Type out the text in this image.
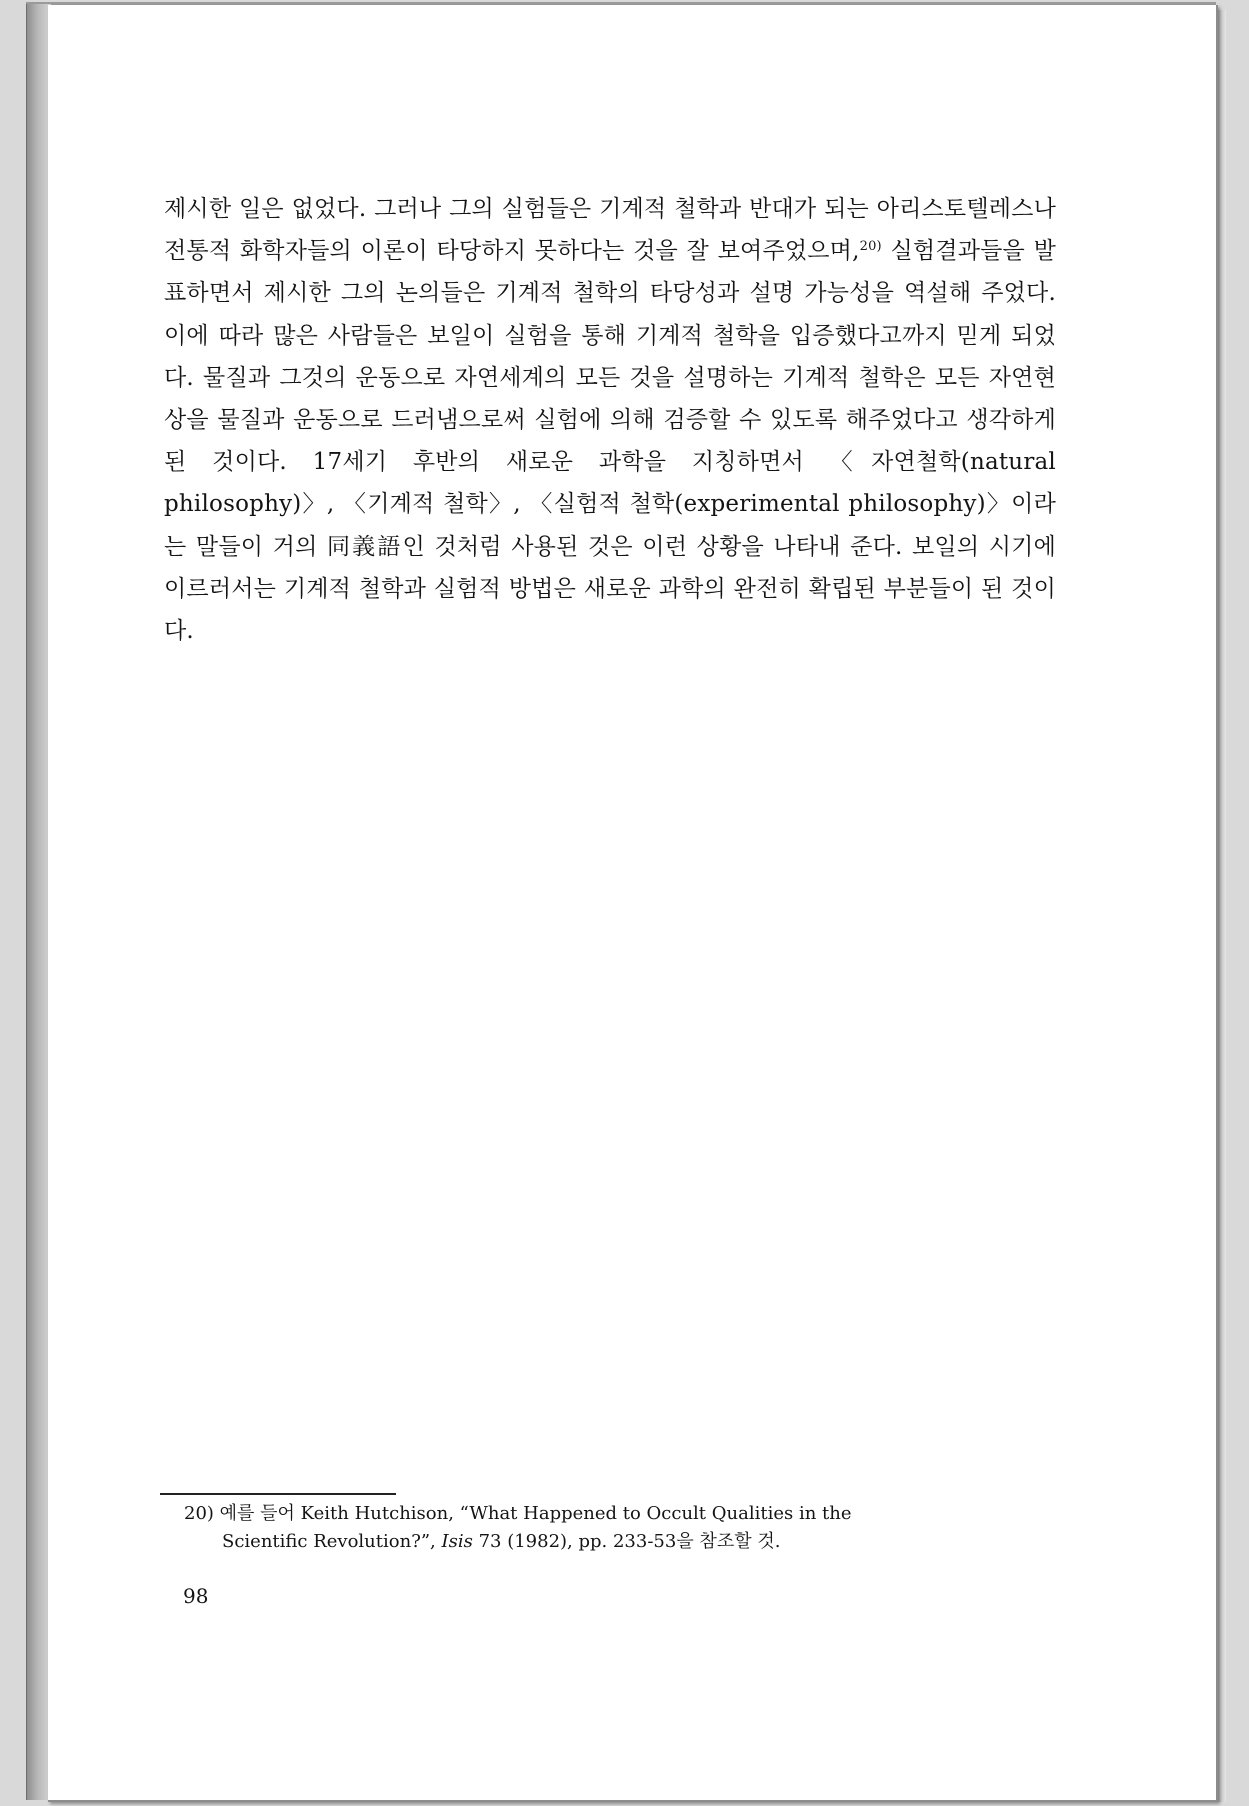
제시한 일은 없었다. 그러나 그의 실험들은 기계적 철학과 반대가 되는 아리스토텔레스나 전통적 화학자들의 이론이 타당하지 못하다는 것을 잘 보여주었으며,$^{20)}$ 실험결과들을 발표하면서 제시한 그의 논의들은 기계적 철학의 타당성과 설명 가능성을 역설해 주었다. 이에 따라 많은 사람들은 보일이 실험을 통해 기계적 철학을 입증했다고까지 믿게 되었다. 물질과 그것의 운동으로 자연세계의 모든 것을 설명하는 기계적 철학은 모든 자연현상을 물질과 운동으로 드러냄으로써 실험에 의해 검증할 수 있도록 해주었다고 생각하게 된 것이다. 17세기 후반의 새로운 과학을 지칭하면서 〈자연철학(natural philosophy)〉, 〈기계적 철학〉, 〈실험적 철학(experimental philosophy)〉이라는 말들이 거의 同義語인 것처럼 사용된 것은 이런 상황을 나타내 준다. 보일의 시기에 이르러서는 기계적 철학과 실험적 방법은 새로운 과학의 완전히 확립된 부분들이 된 것이다.

20) 예를 들어 Keith Hutchison, “What Happened to Occult Qualities in the
Scientific Revolution?”, Isis 73 (1982), pp. 233-53을 참조할 것.
98
